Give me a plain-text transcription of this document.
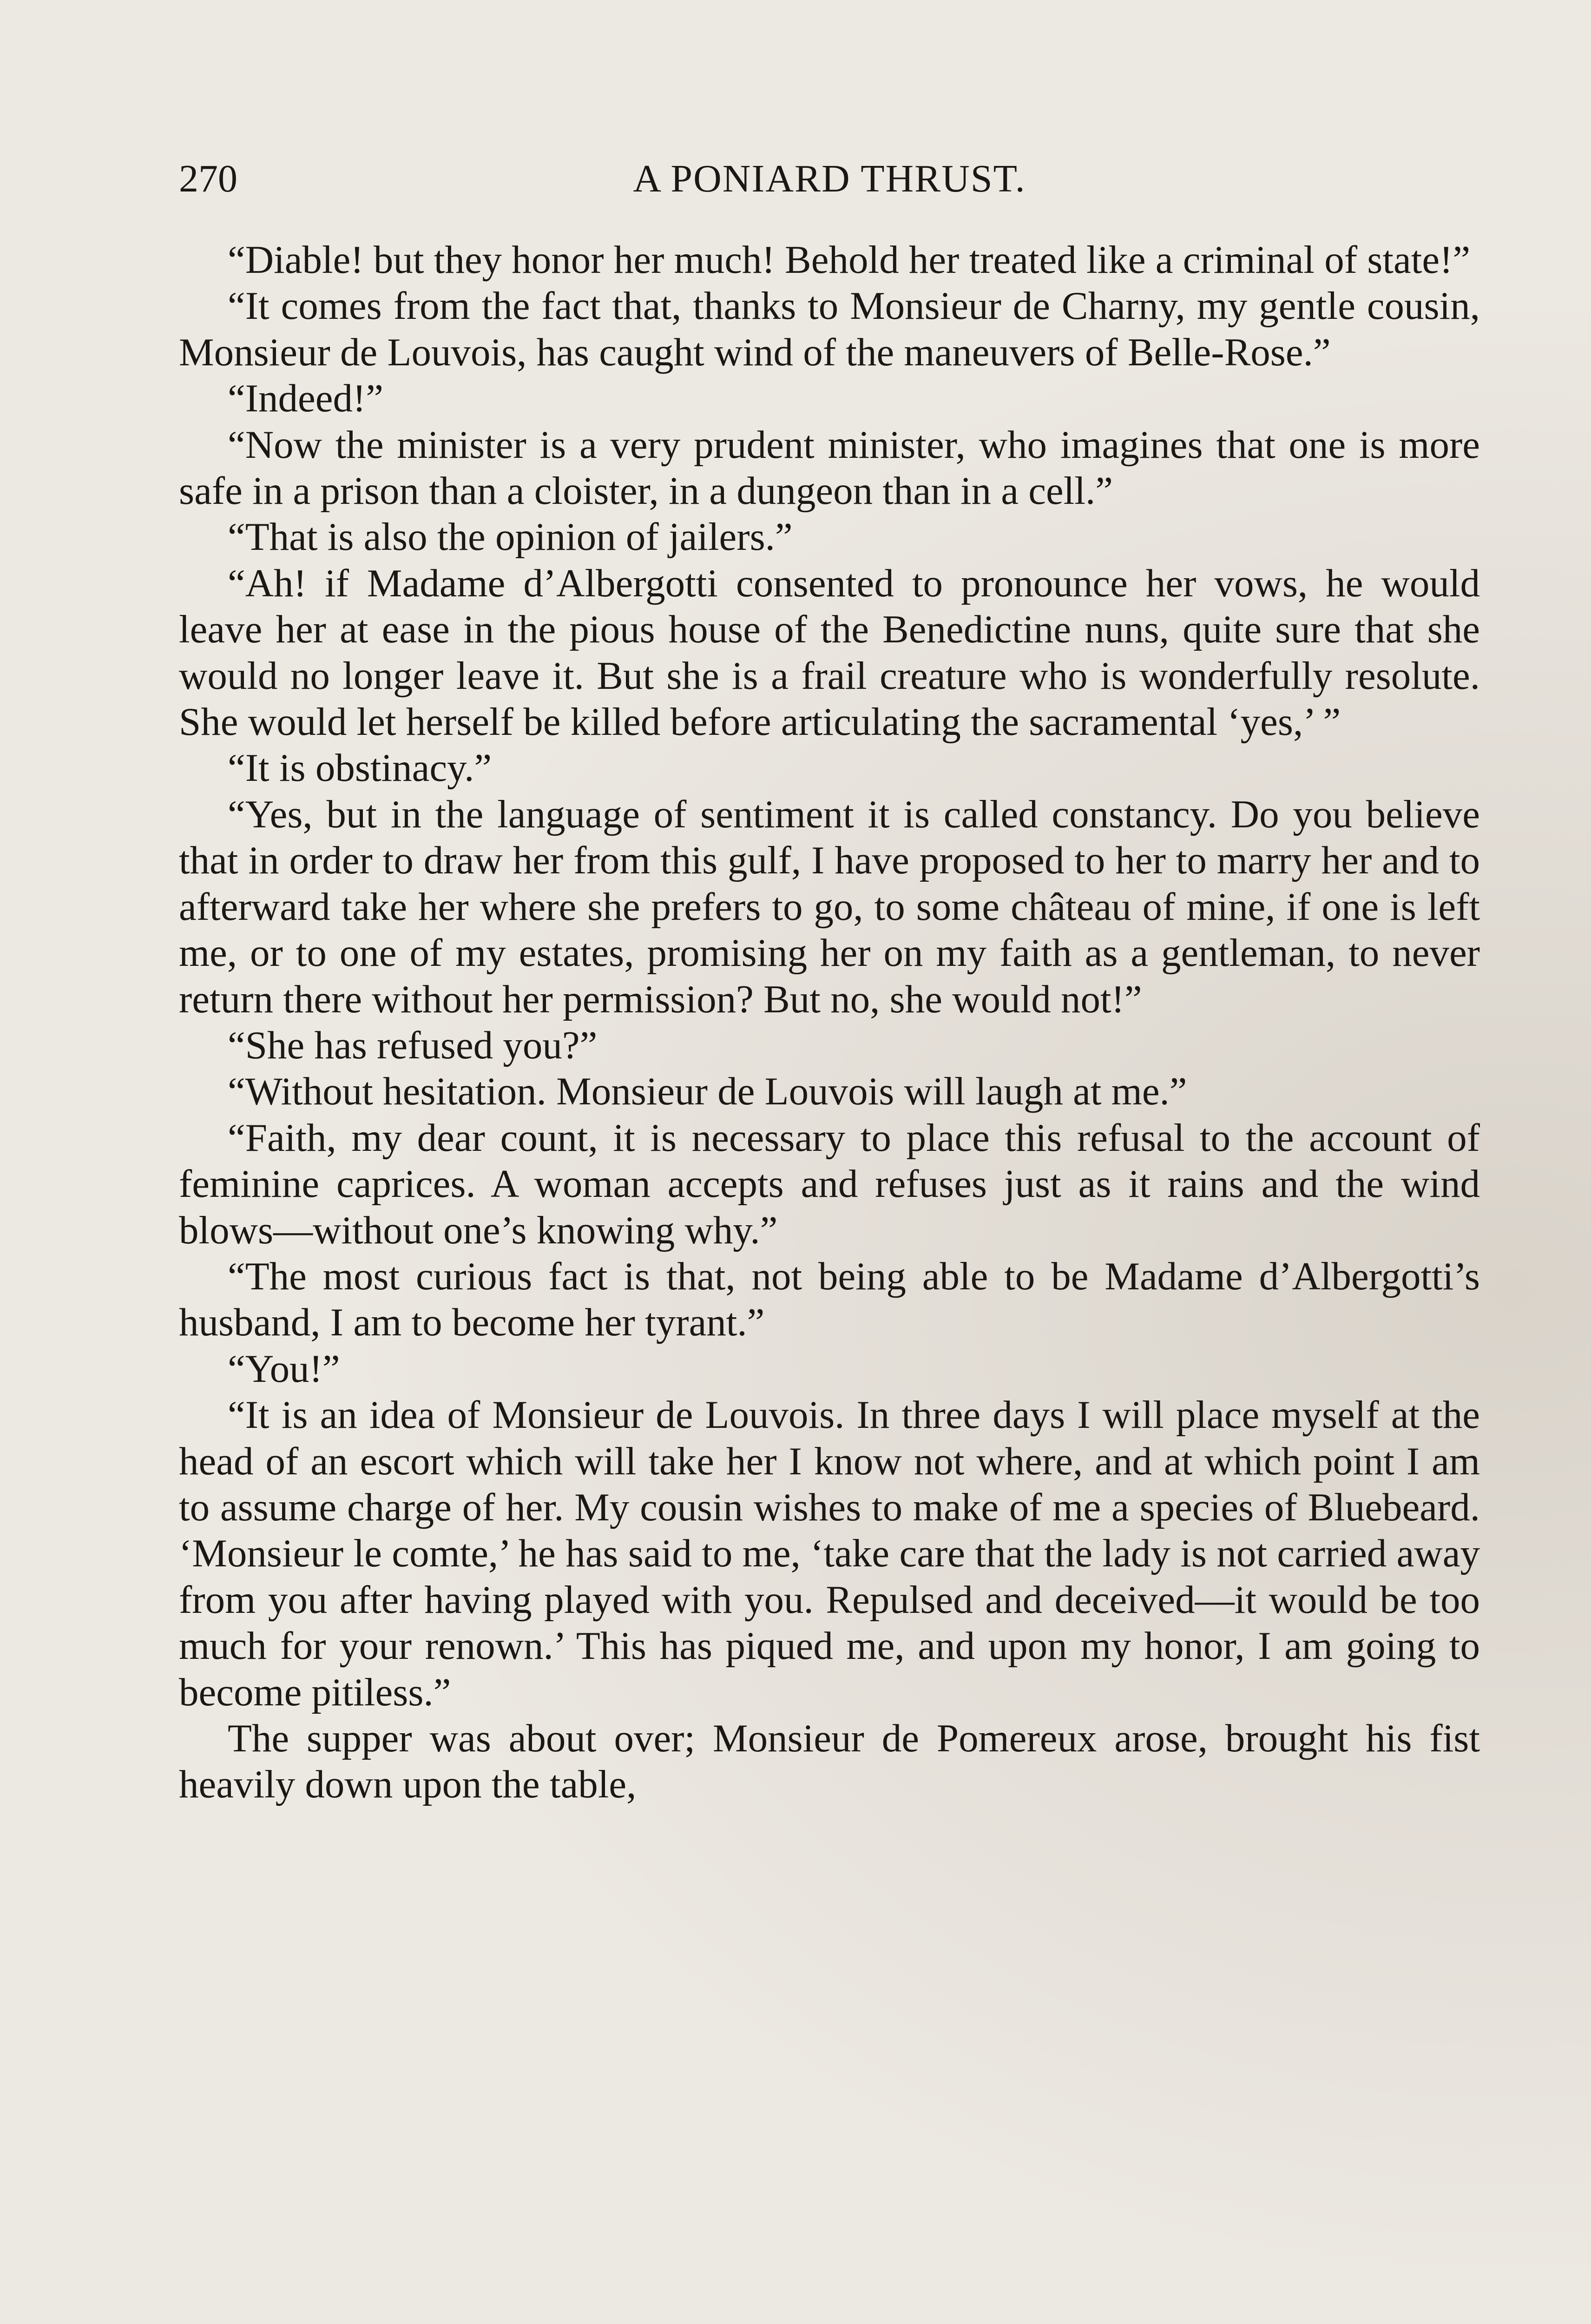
270	A PONIARD THRUST.

“Diable! but they honor her much! Behold her treated like a criminal of state!”

“It comes from the fact that, thanks to Monsieur de Charny, my gentle cousin, Monsieur de Louvois, has caught wind of the maneuvers of Belle-Rose.”

“Indeed!”

“Now the minister is a very prudent minister, who imagines that one is more safe in a prison than a cloister, in a dungeon than in a cell.”

“That is also the opinion of jailers.”

“Ah! if Madame d’Albergotti consented to pronounce her vows, he would leave her at ease in the pious house of the Benedictine nuns, quite sure that she would no longer leave it. But she is a frail creature who is wonderfully resolute. She would let herself be killed before articulating the sacramental ‘yes,’ ”

“It is obstinacy.”

“Yes, but in the language of sentiment it is called constancy. Do you believe that in order to draw her from this gulf, I have proposed to her to marry her and to afterward take her where she prefers to go, to some château of mine, if one is left me, or to one of my estates, promising her on my faith as a gentleman, to never return there without her permission? But no, she would not!”

“She has refused you?”

“Without hesitation. Monsieur de Louvois will laugh at me.”

“Faith, my dear count, it is necessary to place this refusal to the account of feminine caprices. A woman accepts and refuses just as it rains and the wind blows—without one’s knowing why.”

“The most curious fact is that, not being able to be Madame d’Albergotti’s husband, I am to become her tyrant.”

“You!”

“It is an idea of Monsieur de Louvois. In three days I will place myself at the head of an escort which will take her I know not where, and at which point I am to assume charge of her. My cousin wishes to make of me a species of Bluebeard. ‘Monsieur le comte,’ he has said to me, ‘take care that the lady is not carried away from you after having played with you. Repulsed and deceived—it would be too much for your renown.’ This has piqued me, and upon my honor, I am going to become pitiless.”

The supper was about over; Monsieur de Pomereux arose, brought his fist heavily down upon the table,
